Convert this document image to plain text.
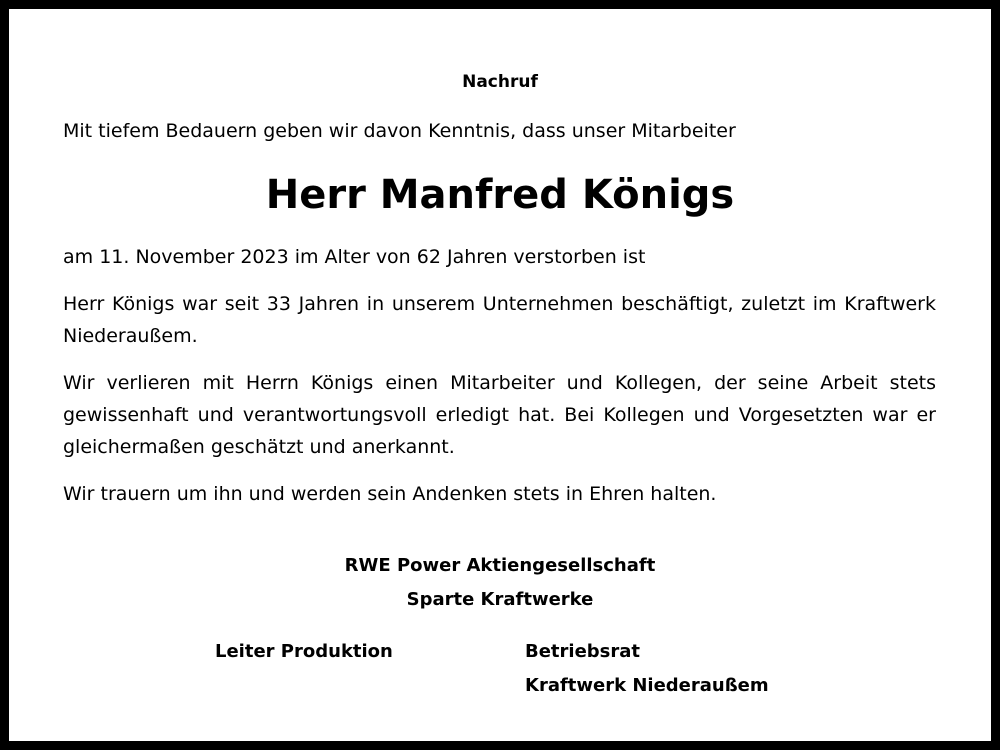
Nachruf

Mit tiefem Bedauern geben wir davon Kenntnis, dass unser Mitarbeiter

Herr Manfred Königs

am 11. November 2023 im Alter von 62 Jahren verstorben ist

Herr Königs war seit 33 Jahren in unserem Unternehmen beschäftigt, zuletzt im Kraftwerk Niederaußem.

Wir verlieren mit Herrn Königs einen Mitarbeiter und Kollegen, der seine Arbeit stets gewissenhaft und verantwortungsvoll erledigt hat. Bei Kollegen und Vorgesetzten war er gleichermaßen geschätzt und anerkannt.

Wir trauern um ihn und werden sein Andenken stets in Ehren halten.

RWE Power Aktiengesellschaft
Sparte Kraftwerke
Leiter Produktion	Betriebsrat
Kraftwerk Niederaußem
